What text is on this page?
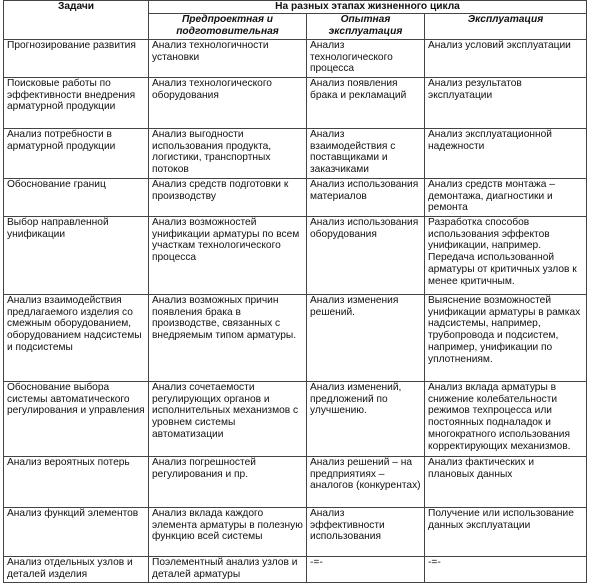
Задачи	На разных этапах жизненного цикла		
	Предпроектная и подготовительная	Опытная эксплуатация	Эксплуатация
Прогнозирование развития	Анализ технологичности установки	Анализ технологического процесса	Анализ условий эксплуатации
Поисковые работы по эффективности внедрения арматурной продукции	Анализ технологического оборудования	Анализ появления брака и рекламаций	Анализ результатов эксплуатации
Анализ потребности в арматурной продукции	Анализ выгодности использования продукта, логистики, транспортных потоков	Анализ взаимодействия с поставщиками и заказчиками	Анализ эксплуатационной надежности
Обоснование границ	Анализ средств подготовки к производству	Анализ использования материалов	Анализ средств монтажа – демонтажа, диагностики и ремонта
Выбор направленной унификации	Анализ возможностей унификации арматуры по всем участкам технологического процесса	Анализ использования оборудования	Разработка способов использования эффектов унификации, например. Передача использованной арматуры от критичных узлов к менее критичным.
Анализ взаимодействия предлагаемого изделия со смежным оборудованием, оборудованием надсистемы и подсистемы	Анализ возможных причин появления брака в производстве, связанных с внедряемым типом арматуры.	Анализ изменения решений.	Выяснение возможностей унификации арматуры в рамках надсистемы, например, трубопровода и подсистем, например, унификации по уплотнениям.
Обоснование выбора системы автоматического регулирования и управления	Анализ сочетаемости регулирующих органов и исполнительных механизмов с уровнем системы автоматизации	Анализ изменений, предложений по улучшению.	Анализ вклада арматуры в снижение колебательности режимов техпроцесса или постоянных подналадок и многократного использования корректирующих механизмов.
Анализ вероятных потерь	Анализ погрешностей регулирования и пр.	Анализ решений – на предприятиях – аналогов (конкурентах)	Анализ фактических и плановых данных
Анализ функций элементов	Анализ вклада каждого элемента арматуры в полезную функцию всей системы	Анализ эффективности использования	Получение или использование данных эксплуатации
Анализ отдельных узлов и деталей изделия	Поэлементный анализ узлов и деталей арматуры	-=-	-=-
